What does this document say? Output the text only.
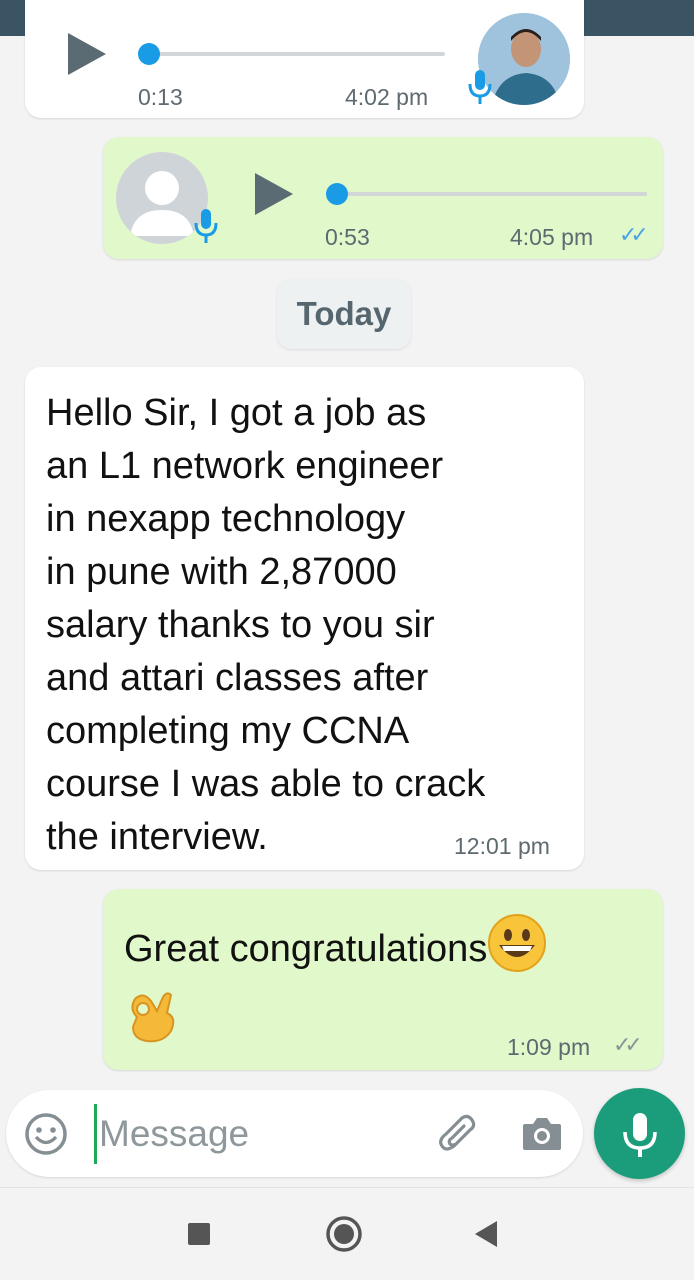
0:13	4:02 pm
0:53	4:05 pm ✓✓
Today
Hello Sir, I got a job as
an L1 network engineer
in nexapp technology
in pune with 2,87000
salary thanks to you sir
and attari classes after
completing my CCNA
course I was able to crack
the interview.	12:01 pm
Great congratulations
1:09 pm ✓✓
Message
